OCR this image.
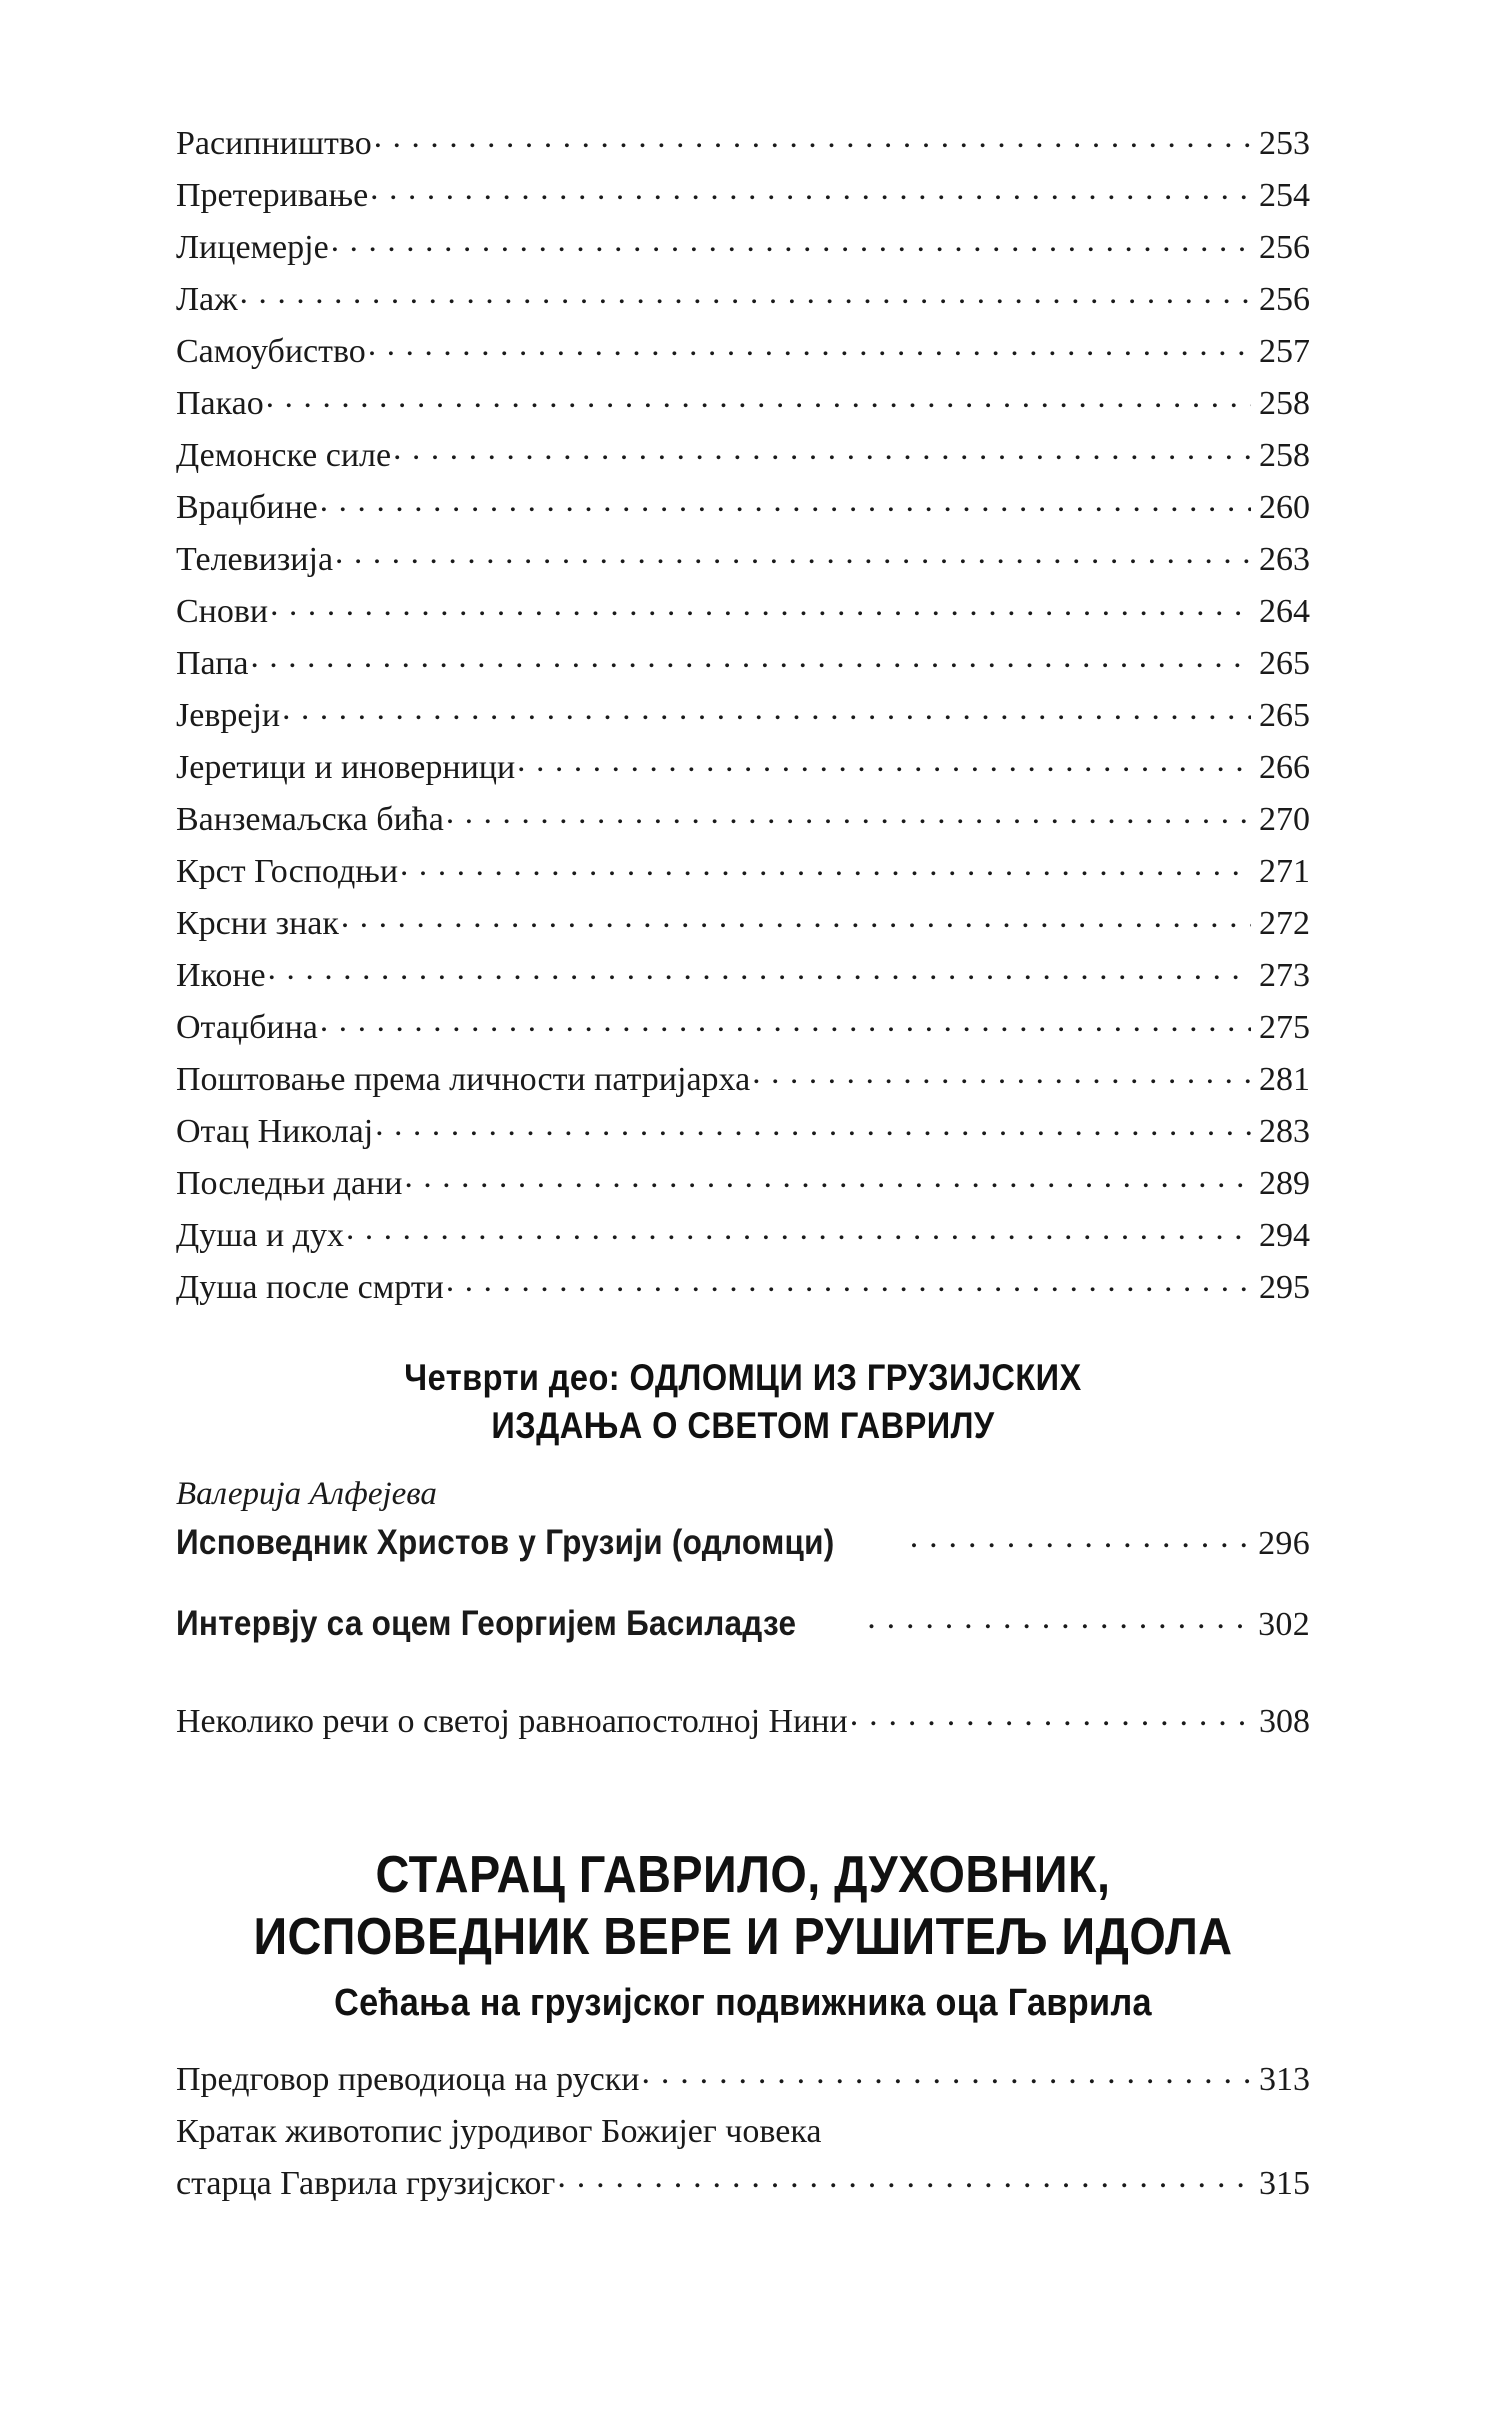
Расипништво . . .	253
Претеривање . . .	254
Лицемерје . . .	256
Лаж . . .	256
Самоубиство . . .	257
Пакао . . .	258
Демонске силе . . .	258
Враџбине . . .	260
Телевизија . . .	263
Снови . . .	264
Папа . . .	265
Јевреји . . .	265
Јеретици и иноверници . . .	266
Ванземаљска бића . . .	270
Крст Господњи . . .	271
Крсни знак . . .	272
Иконе . . .	273
Отаџбина . . .	275
Поштовање према личности патријарха . . .	281
Отац Николај . . .	283
Последњи дани . . .	289
Душа и дух . . .	294
Душа после смрти . . .	295
Четврти део: ОДЛОМЦИ ИЗ ГРУЗИЈСКИХ
ИЗДАЊА О СВЕТОМ ГАВРИЛУ
Валерија Алфејева
Исповедник Христов у Грузији (одломци) . . .	296
Интервју са оцем Георгијем Басиладзе . . .	302
Неколико речи о светој равноапостолној Нини . . .	308
СТАРАЦ ГАВРИЛО, ДУХОВНИК,
ИСПОВЕДНИК ВЕРЕ И РУШИТЕЉ ИДОЛА
Сећања на грузијског подвижника оца Гаврила
Предговор преводиоца на руски . . .	313
Кратак животопис јуродивог Божијег човека
старца Гаврила грузијског . . .	315
